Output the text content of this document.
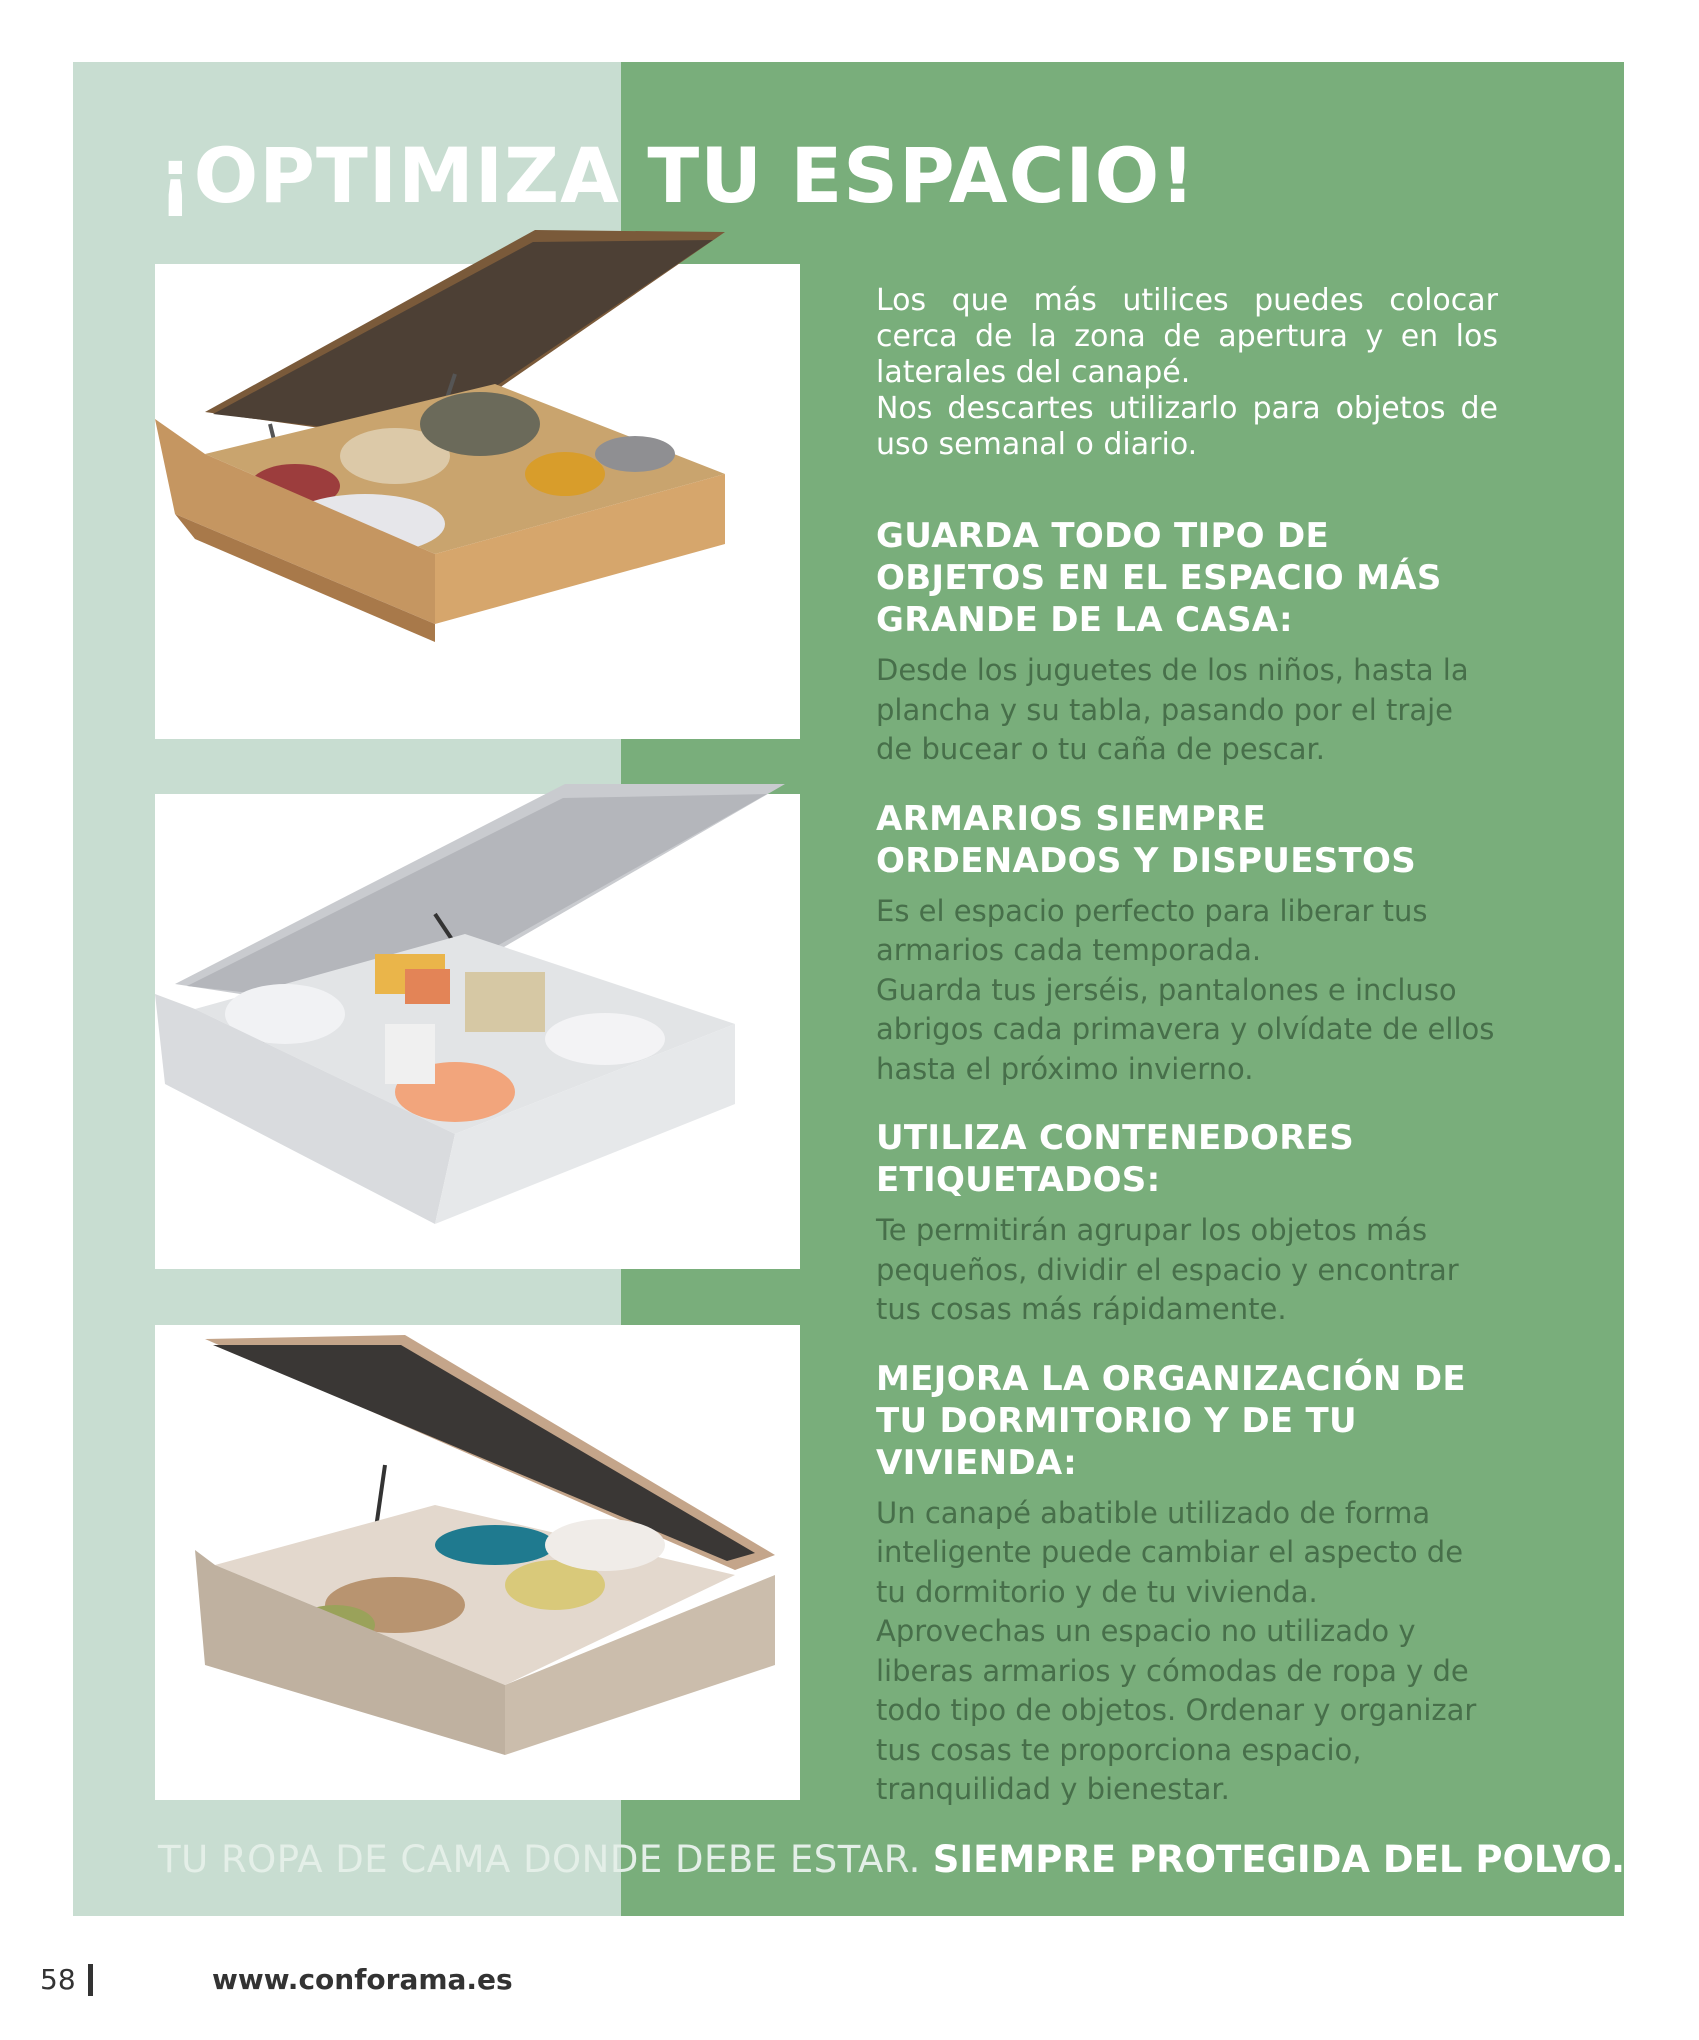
¡OPTIMIZA TU ESPACIO!

Los que más utilices puedes colocar cerca de la zona de apertura y en los laterales del canapé.

Nos descartes utilizarlo para objetos de uso semanal o diario.

GUARDA TODO TIPO DE OBJETOS EN EL ESPACIO MÁS GRANDE DE LA CASA:

Desde los juguetes de los niños, hasta la plancha y su tabla, pasando por el traje de bucear o tu caña de pescar.

ARMARIOS SIEMPRE ORDENADOS Y DISPUESTOS

Es el espacio perfecto para liberar tus armarios cada temporada.

Guarda tus jerséis, pantalones e incluso abrigos cada primavera y olvídate de ellos hasta el próximo invierno.

UTILIZA CONTENEDORES ETIQUETADOS:

Te permitirán agrupar los objetos más pequeños, dividir el espacio y encontrar tus cosas más rápidamente.

MEJORA LA ORGANIZACIÓN DE TU DORMITORIO Y DE TU VIVIENDA:

Un canapé abatible utilizado de forma inteligente puede cambiar el aspecto de tu dormitorio y de tu vivienda.

Aprovechas un espacio no utilizado y liberas armarios y cómodas de ropa y de todo tipo de objetos. Ordenar y organizar tus cosas te proporciona espacio, tranquilidad y bienestar.

TU ROPA DE CAMA DONDE DEBE ESTAR. SIEMPRE PROTEGIDA DEL POLVO.
58	www.conforama.es
